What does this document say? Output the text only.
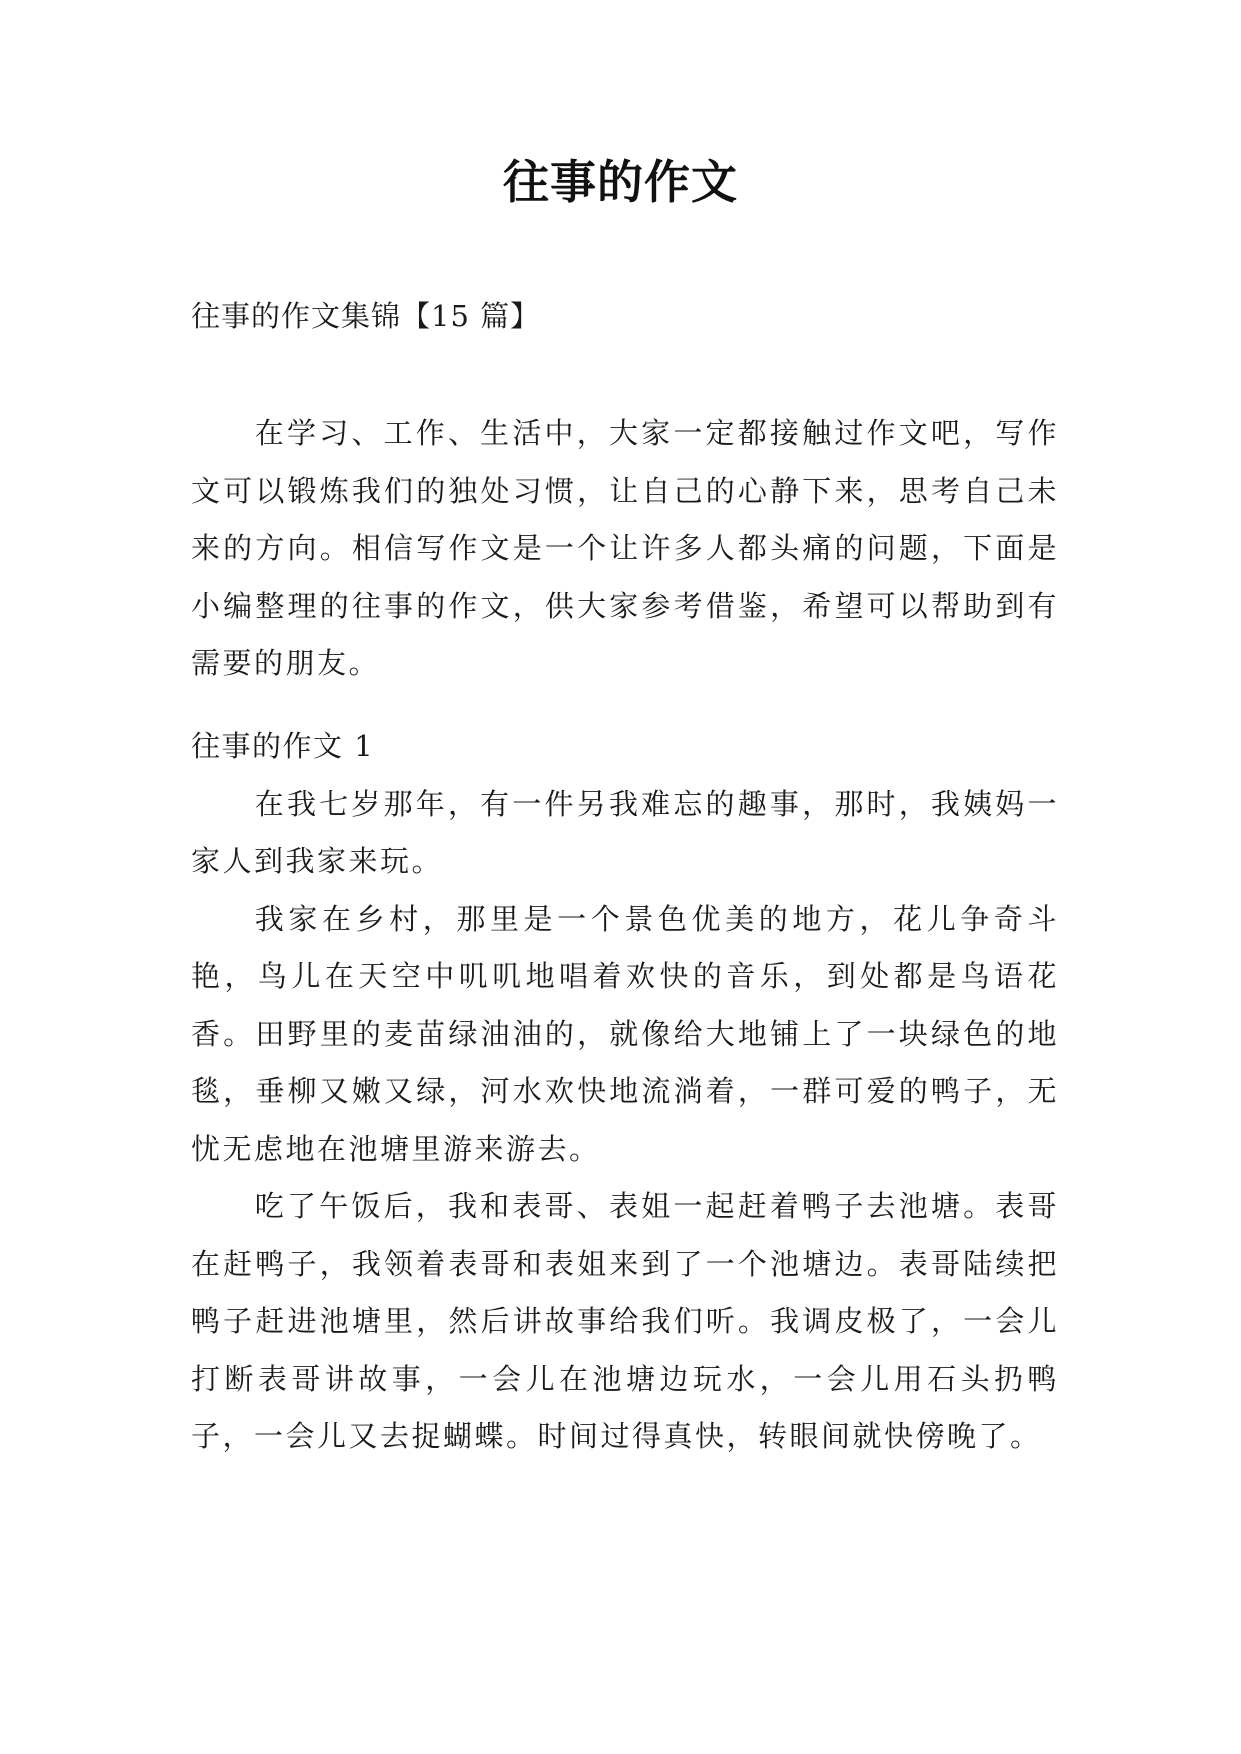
往事的作文
往事的作文集锦【15 篇】

在学习、工作、生活中，大家一定都接触过作文吧，写作文可以锻炼我们的独处习惯，让自己的心静下来，思考自己未来的方向。相信写作文是一个让许多人都头痛的问题，下面是小编整理的往事的作文，供大家参考借鉴，希望可以帮助到有需要的朋友。

往事的作文 1

在我七岁那年，有一件另我难忘的趣事，那时，我姨妈一家人到我家来玩。

我家在乡村，那里是一个景色优美的地方，花儿争奇斗艳，鸟儿在天空中叽叽地唱着欢快的音乐，到处都是鸟语花香。田野里的麦苗绿油油的，就像给大地铺上了一块绿色的地毯，垂柳又嫩又绿，河水欢快地流淌着，一群可爱的鸭子，无忧无虑地在池塘里游来游去。

吃了午饭后，我和表哥、表姐一起赶着鸭子去池塘。表哥在赶鸭子，我领着表哥和表姐来到了一个池塘边。表哥陆续把鸭子赶进池塘里，然后讲故事给我们听。我调皮极了，一会儿打断表哥讲故事，一会儿在池塘边玩水，一会儿用石头扔鸭子，一会儿又去捉蝴蝶。时间过得真快，转眼间就快傍晚了。
